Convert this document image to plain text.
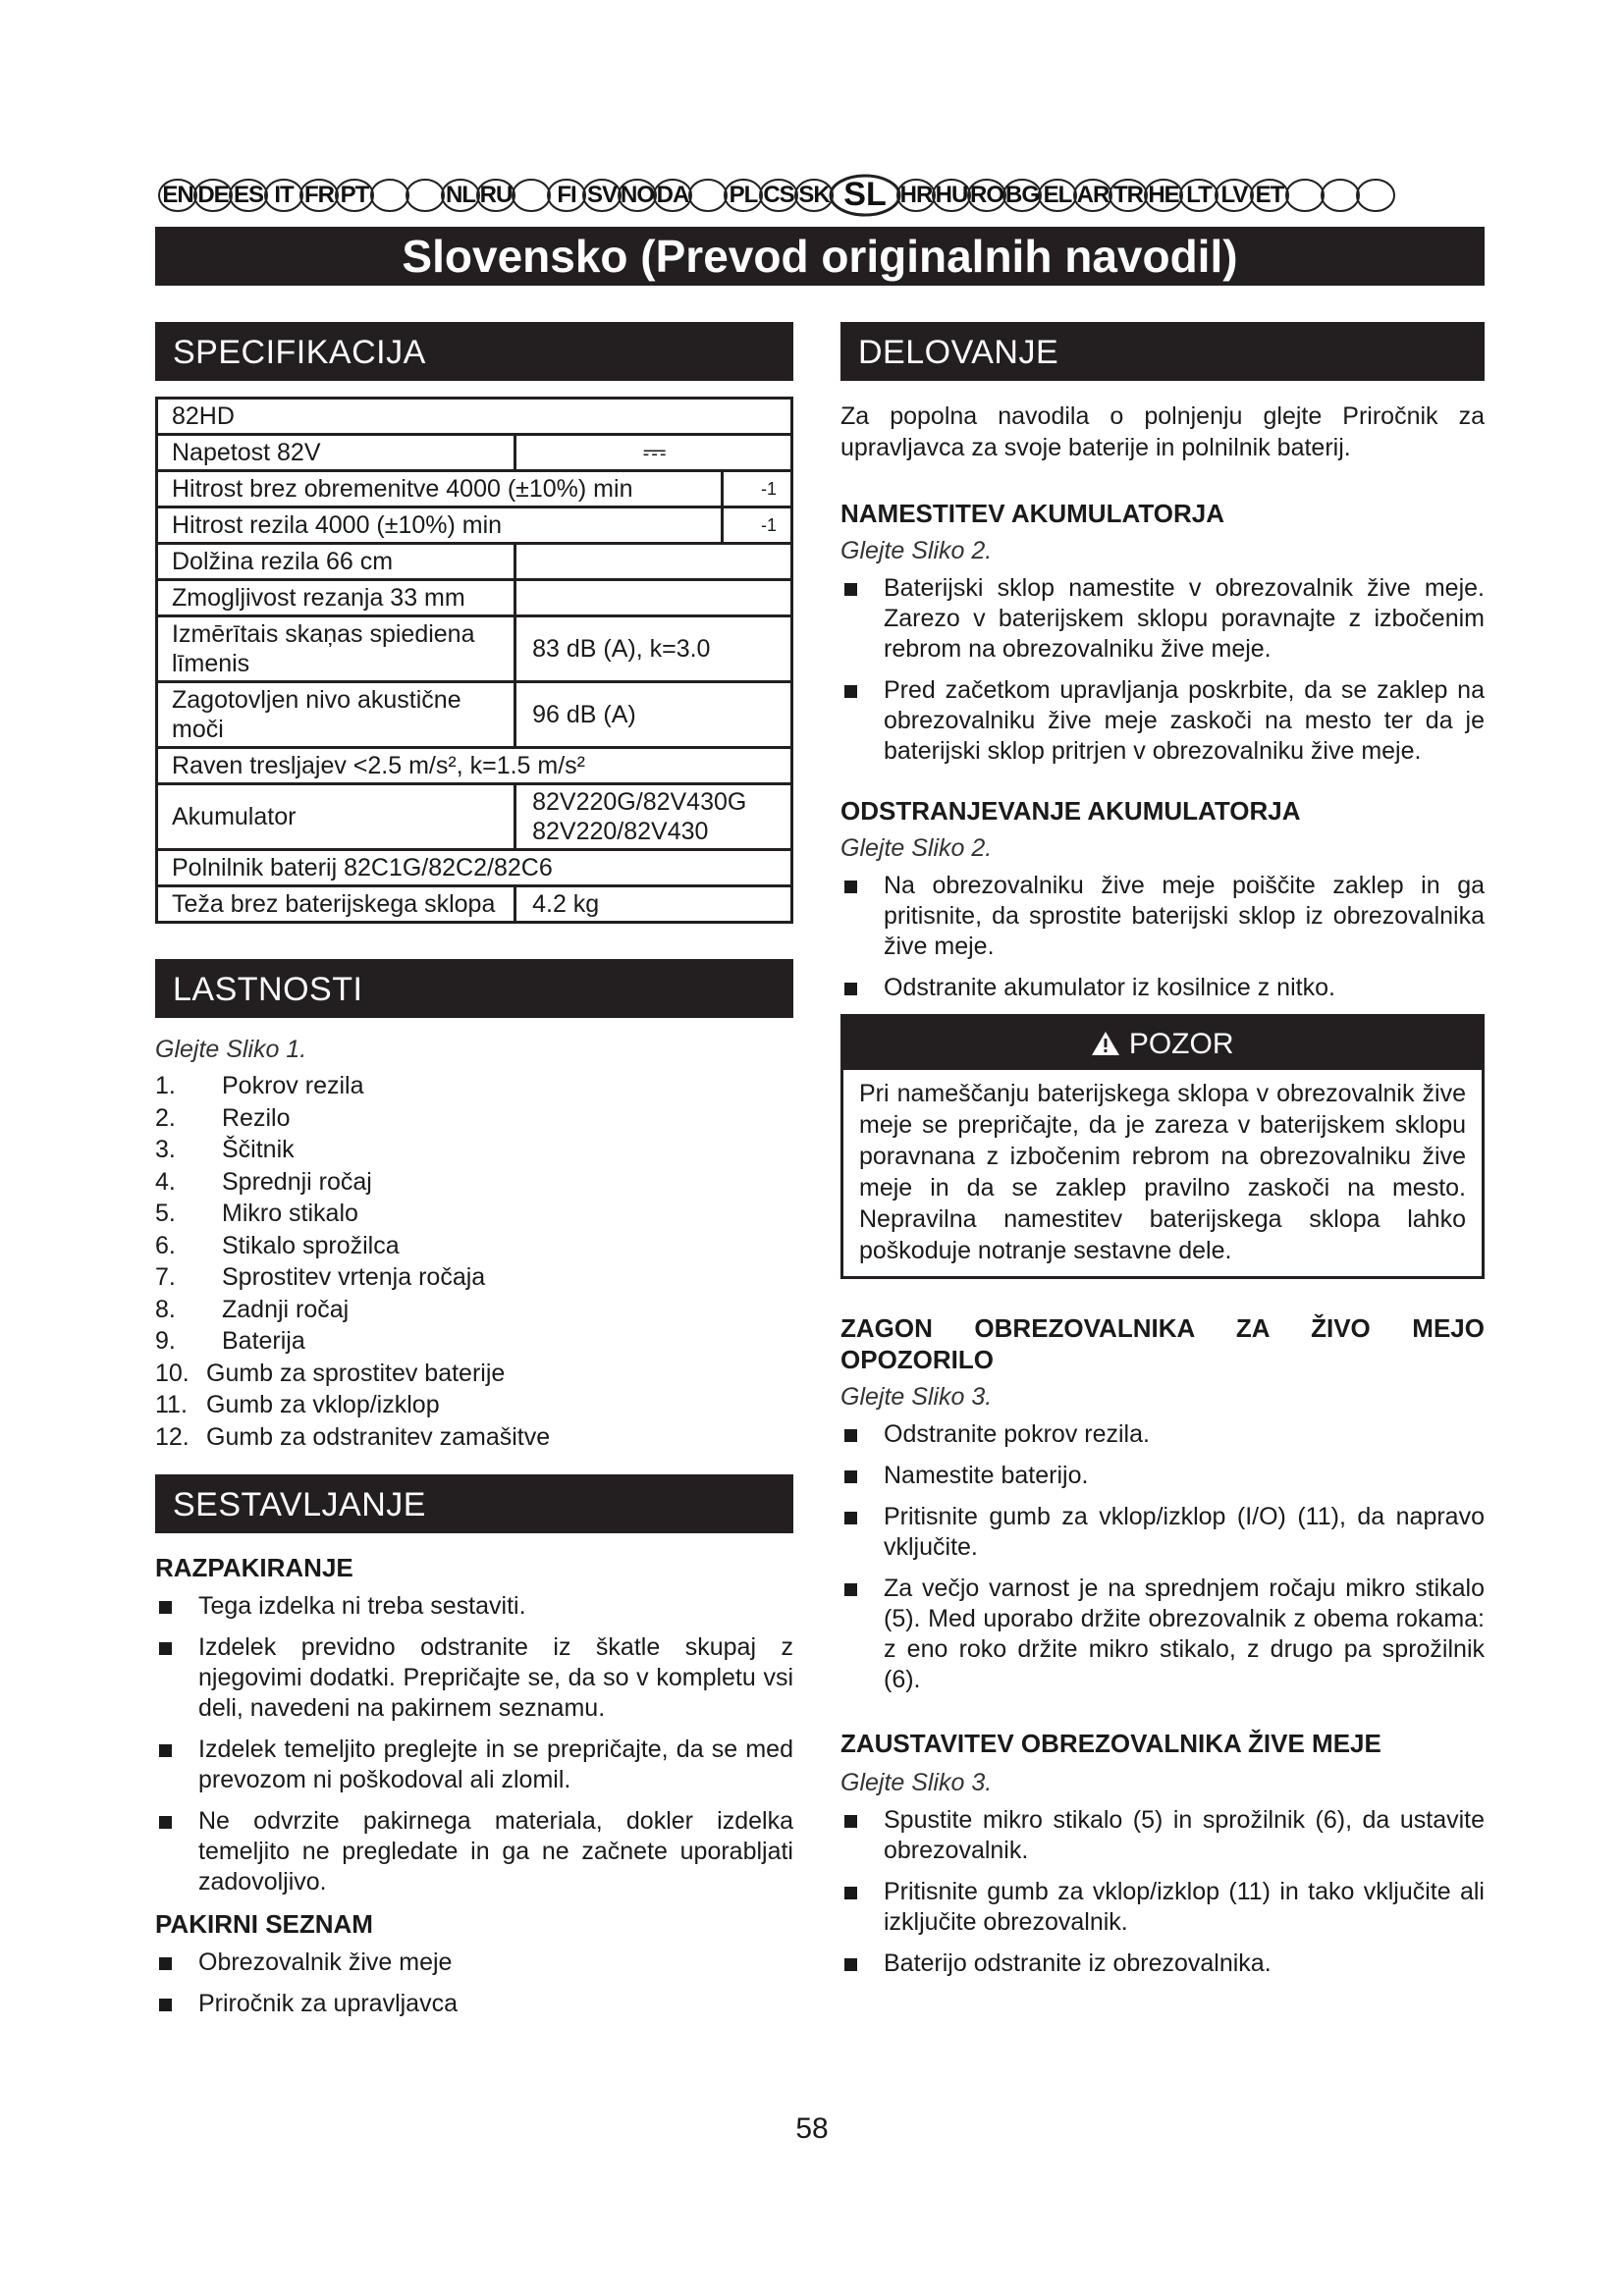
EN DE ES IT FR PT	NL RU FI SV NO DA PL CS SK SL HR HU RO BG EL AR TR HE LT LV ET
Slovensko (Prevod originalnih navodil)
SPECIFIKACIJA
82HD		
Napetost 82V	⎓	
Hitrost brez obremenitve 4000 (±10%) min		-1
Hitrost rezila 4000 (±10%) min		-1
Dolžina rezila 66 cm		
Zmogljivost rezanja 33 mm		
Izmērītais skaņas spiediena līmenis	83 dB (A), k=3.0	
Zagotovljen nivo akustične moči	96 dB (A)	
Raven tresljajev <2.5 m/s², k=1.5 m/s²		
Akumulator	82V220G/82V430G
82V220/82V430	

Polnilnik baterij 82C1G/82C2/82C6		
Teža brez baterijskega sklopa	4.2 kg	
LASTNOSTI

Glejte Sliko 1.

1. Pokrov rezila
2. Rezilo
3. Ščitnik
4. Sprednji ročaj
5. Mikro stikalo
6. Stikalo sprožilca
7. Sprostitev vrtenja ročaja
8. Zadnji ročaj
9. Baterija
10. Gumb za sprostitev baterije
11. Gumb za vklop/izklop
12. Gumb za odstranitev zamašitve
SESTAVLJANJE

RAZPAKIRANJE

Tega izdelka ni treba sestaviti.
Izdelek previdno odstranite iz škatle skupaj z njegovimi dodatki. Prepričajte se, da so v kompletu vsi deli, navedeni na pakirnem seznamu.
Izdelek temeljito preglejte in se prepričajte, da se med prevozom ni poškodoval ali zlomil.
Ne odvrzite pakirnega materiala, dokler izdelka temeljito ne pregledate in ga ne začnete uporabljati zadovoljivo.

PAKIRNI SEZNAM

Obrezovalnik žive meje
Priročnik za upravljavca
DELOVANJE

Za popolna navodila o polnjenju glejte Priročnik za upravljavca za svoje baterije in polnilnik baterij.

NAMESTITEV AKUMULATORJA

Glejte Sliko 2.

Baterijski sklop namestite v obrezovalnik žive meje. Zarezo v baterijskem sklopu poravnajte z izbočenim rebrom na obrezovalniku žive meje.
Pred začetkom upravljanja poskrbite, da se zaklep na obrezovalniku žive meje zaskoči na mesto ter da je baterijski sklop pritrjen v obrezovalniku žive meje.

ODSTRANJEVANJE AKUMULATORJA

Glejte Sliko 2.

Na obrezovalniku žive meje poiščite zaklep in ga pritisnite, da sprostite baterijski sklop iz obrezovalnika žive meje.
Odstranite akumulator iz kosilnice z nitko.
POZOR

Pri nameščanju baterijskega sklopa v obrezovalnik žive meje se prepričajte, da je zareza v baterijskem sklopu poravnana z izbočenim rebrom na obrezovalniku žive meje in da se zaklep pravilno zaskoči na mesto. Nepravilna namestitev baterijskega sklopa lahko poškoduje notranje sestavne dele.

ZAGON OBREZOVALNIKA ZA ŽIVO MEJO OPOZORILO

Glejte Sliko 3.

Odstranite pokrov rezila.
Namestite baterijo.
Pritisnite gumb za vklop/izklop (I/O) (11), da napravo vključite.
Za večjo varnost je na sprednjem ročaju mikro stikalo (5). Med uporabo držite obrezovalnik z obema rokama: z eno roko držite mikro stikalo, z drugo pa sprožilnik (6).

ZAUSTAVITEV OBREZOVALNIKA ŽIVE MEJE

Glejte Sliko 3.

Spustite mikro stikalo (5) in sprožilnik (6), da ustavite obrezovalnik.
Pritisnite gumb za vklop/izklop (11) in tako vključite ali izključite obrezovalnik.
Baterijo odstranite iz obrezovalnika.
58
